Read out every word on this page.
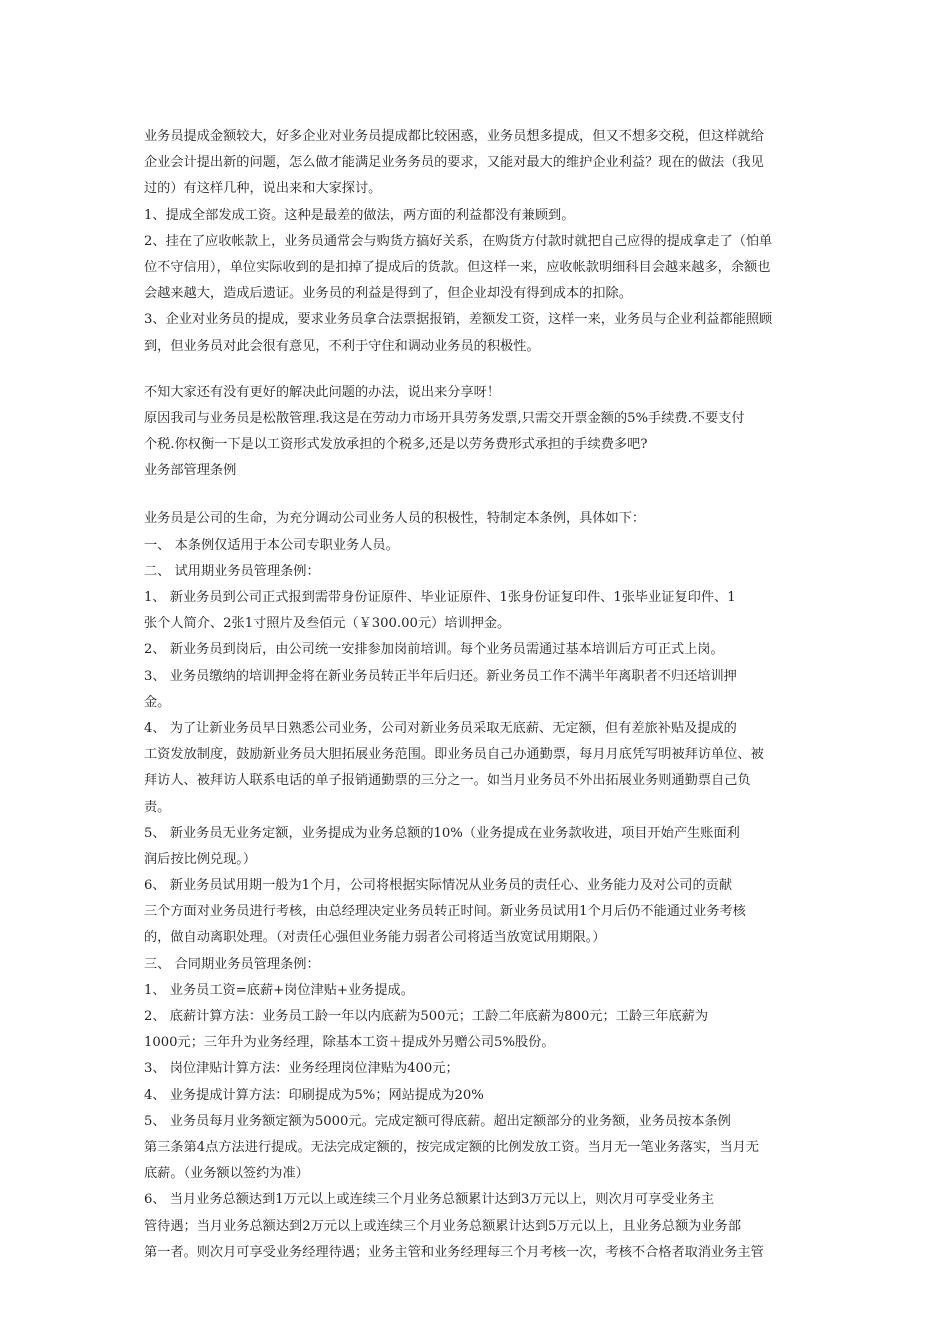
业务员提成金额较大，好多企业对业务员提成都比较困惑，业务员想多提成，但又不想多交税，但这样就给
企业会计提出新的问题，怎么做才能满足业务务员的要求，又能对最大的维护企业利益？现在的做法（我见
过的）有这样几种，说出来和大家探讨。
1、提成全部发成工资。这种是最差的做法，两方面的利益都没有兼顾到。
2、挂在了应收帐款上，业务员通常会与购货方搞好关系，在购货方付款时就把自己应得的提成拿走了（怕单
位不守信用），单位实际收到的是扣掉了提成后的货款。但这样一来，应收帐款明细科目会越来越多，余额也
会越来越大，造成后遗证。业务员的利益是得到了，但企业却没有得到成本的扣除。
3、企业对业务员的提成，要求业务员拿合法票据报销，差额发工资，这样一来，业务员与企业利益都能照顾
到，但业务员对此会很有意见，不利于守住和调动业务员的积极性。
不知大家还有没有更好的解决此问题的办法，说出来分享呀！
原因我司与业务员是松散管理.我这是在劳动力市场开具劳务发票,只需交开票金额的5%手续费.不要支付
个税.你权衡一下是以工资形式发放承担的个税多,还是以劳务费形式承担的手续费多吧?
业务部管理条例
业务员是公司的生命，为充分调动公司业务人员的积极性，特制定本条例，具体如下：
一、 本条例仅适用于本公司专职业务人员。
二、 试用期业务员管理条例：
1、 新业务员到公司正式报到需带身份证原件、毕业证原件、1张身份证复印件、1张毕业证复印件、1
张个人简介、2张1寸照片及叁佰元（￥300.00元）培训押金。
2、 新业务员到岗后，由公司统一安排参加岗前培训。每个业务员需通过基本培训后方可正式上岗。
3、 业务员缴纳的培训押金将在新业务员转正半年后归还。新业务员工作不满半年离职者不归还培训押
金。
4、 为了让新业务员早日熟悉公司业务，公司对新业务员采取无底薪、无定额，但有差旅补贴及提成的
工资发放制度，鼓励新业务员大胆拓展业务范围。即业务员自己办通勤票，每月月底凭写明被拜访单位、被
拜访人、被拜访人联系电话的单子报销通勤票的三分之一。如当月业务员不外出拓展业务则通勤票自己负
责。
5、 新业务员无业务定额，业务提成为业务总额的10%（业务提成在业务款收进，项目开始产生账面利
润后按比例兑现。）
6、 新业务员试用期一般为1个月，公司将根据实际情况从业务员的责任心、业务能力及对公司的贡献
三个方面对业务员进行考核，由总经理决定业务员转正时间。新业务员试用1个月后仍不能通过业务考核
的，做自动离职处理。（对责任心强但业务能力弱者公司将适当放宽试用期限。）
三、 合同期业务员管理条例：
1、 业务员工资=底薪+岗位津贴+业务提成。
2、 底薪计算方法：业务员工龄一年以内底薪为500元；工龄二年底薪为800元；工龄三年底薪为
1000元；三年升为业务经理，除基本工资＋提成外另赠公司5%股份。
3、 岗位津贴计算方法：业务经理岗位津贴为400元；
4、 业务提成计算方法：印刷提成为5%；网站提成为20%
5、 业务员每月业务额定额为5000元。完成定额可得底薪。超出定额部分的业务额，业务员按本条例
第三条第4点方法进行提成。无法完成定额的，按完成定额的比例发放工资。当月无一笔业务落实，当月无
底薪。（业务额以签约为准）
6、 当月业务总额达到1万元以上或连续三个月业务总额累计达到3万元以上，则次月可享受业务主
管待遇；当月业务总额达到2万元以上或连续三个月业务总额累计达到5万元以上，且业务总额为业务部
第一者。则次月可享受业务经理待遇；业务主管和业务经理每三个月考核一次，考核不合格者取消业务主管
